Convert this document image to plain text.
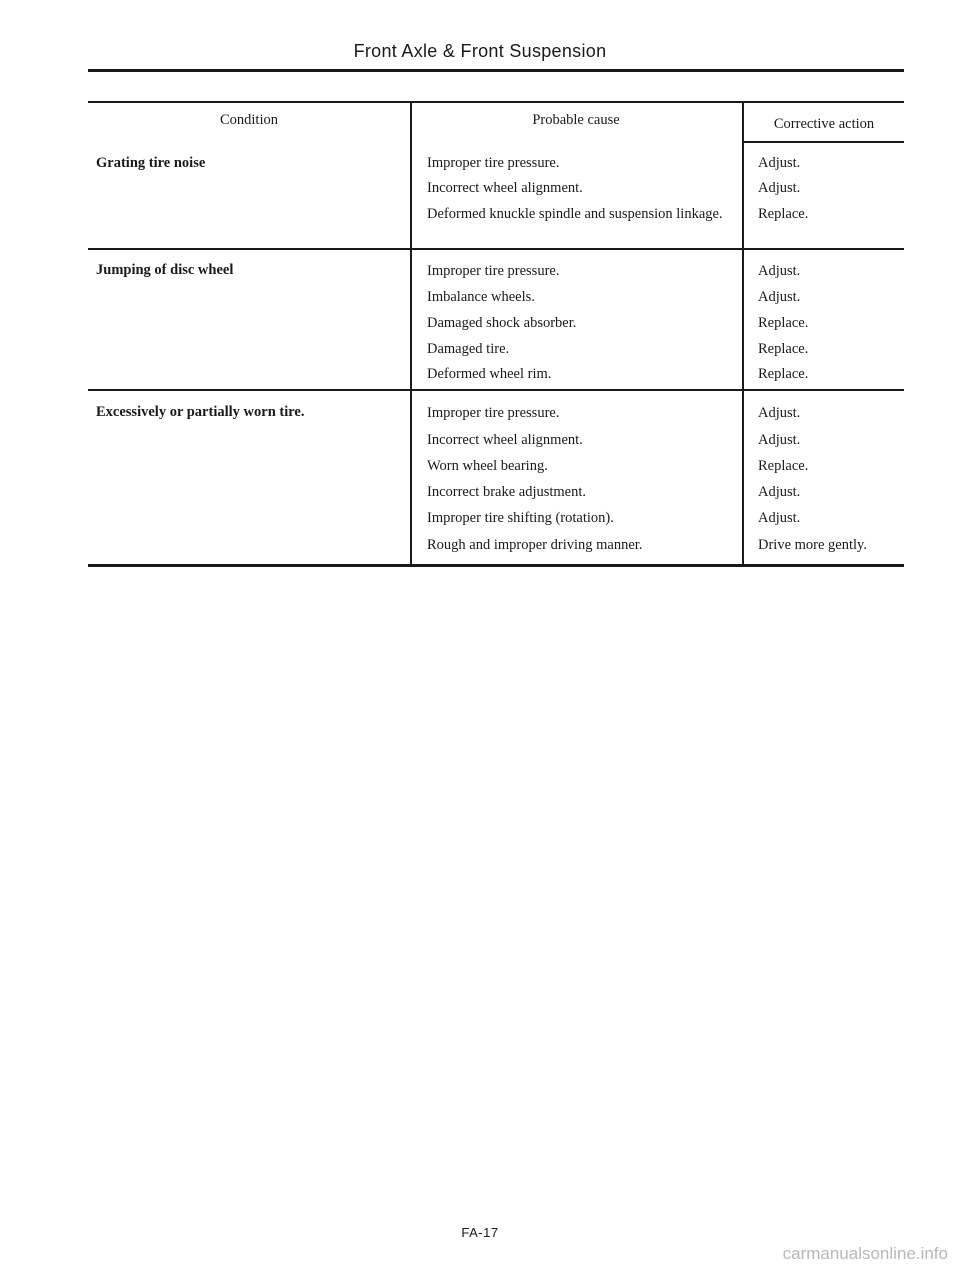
Front Axle & Front Suspension
Condition	Probable cause	Corrective action
Grating tire noise	Improper tire pressure.	Adjust.
Incorrect wheel alignment.	Adjust.
Deformed knuckle spindle and suspension linkage.	Replace.
Jumping of disc wheel	Improper tire pressure.	Adjust.
Imbalance wheels.	Adjust.
Damaged shock absorber.	Replace.
Damaged tire.	Replace.
Deformed wheel rim.	Replace.
Excessively or partially worn tire.	Improper tire pressure.	Adjust.
Incorrect wheel alignment.	Adjust.
Worn wheel bearing.	Replace.
Incorrect brake adjustment.	Adjust.
Improper tire shifting (rotation).	Adjust.
Rough and improper driving manner.	Drive more gently.
FA-17
carmanualsonline.info
